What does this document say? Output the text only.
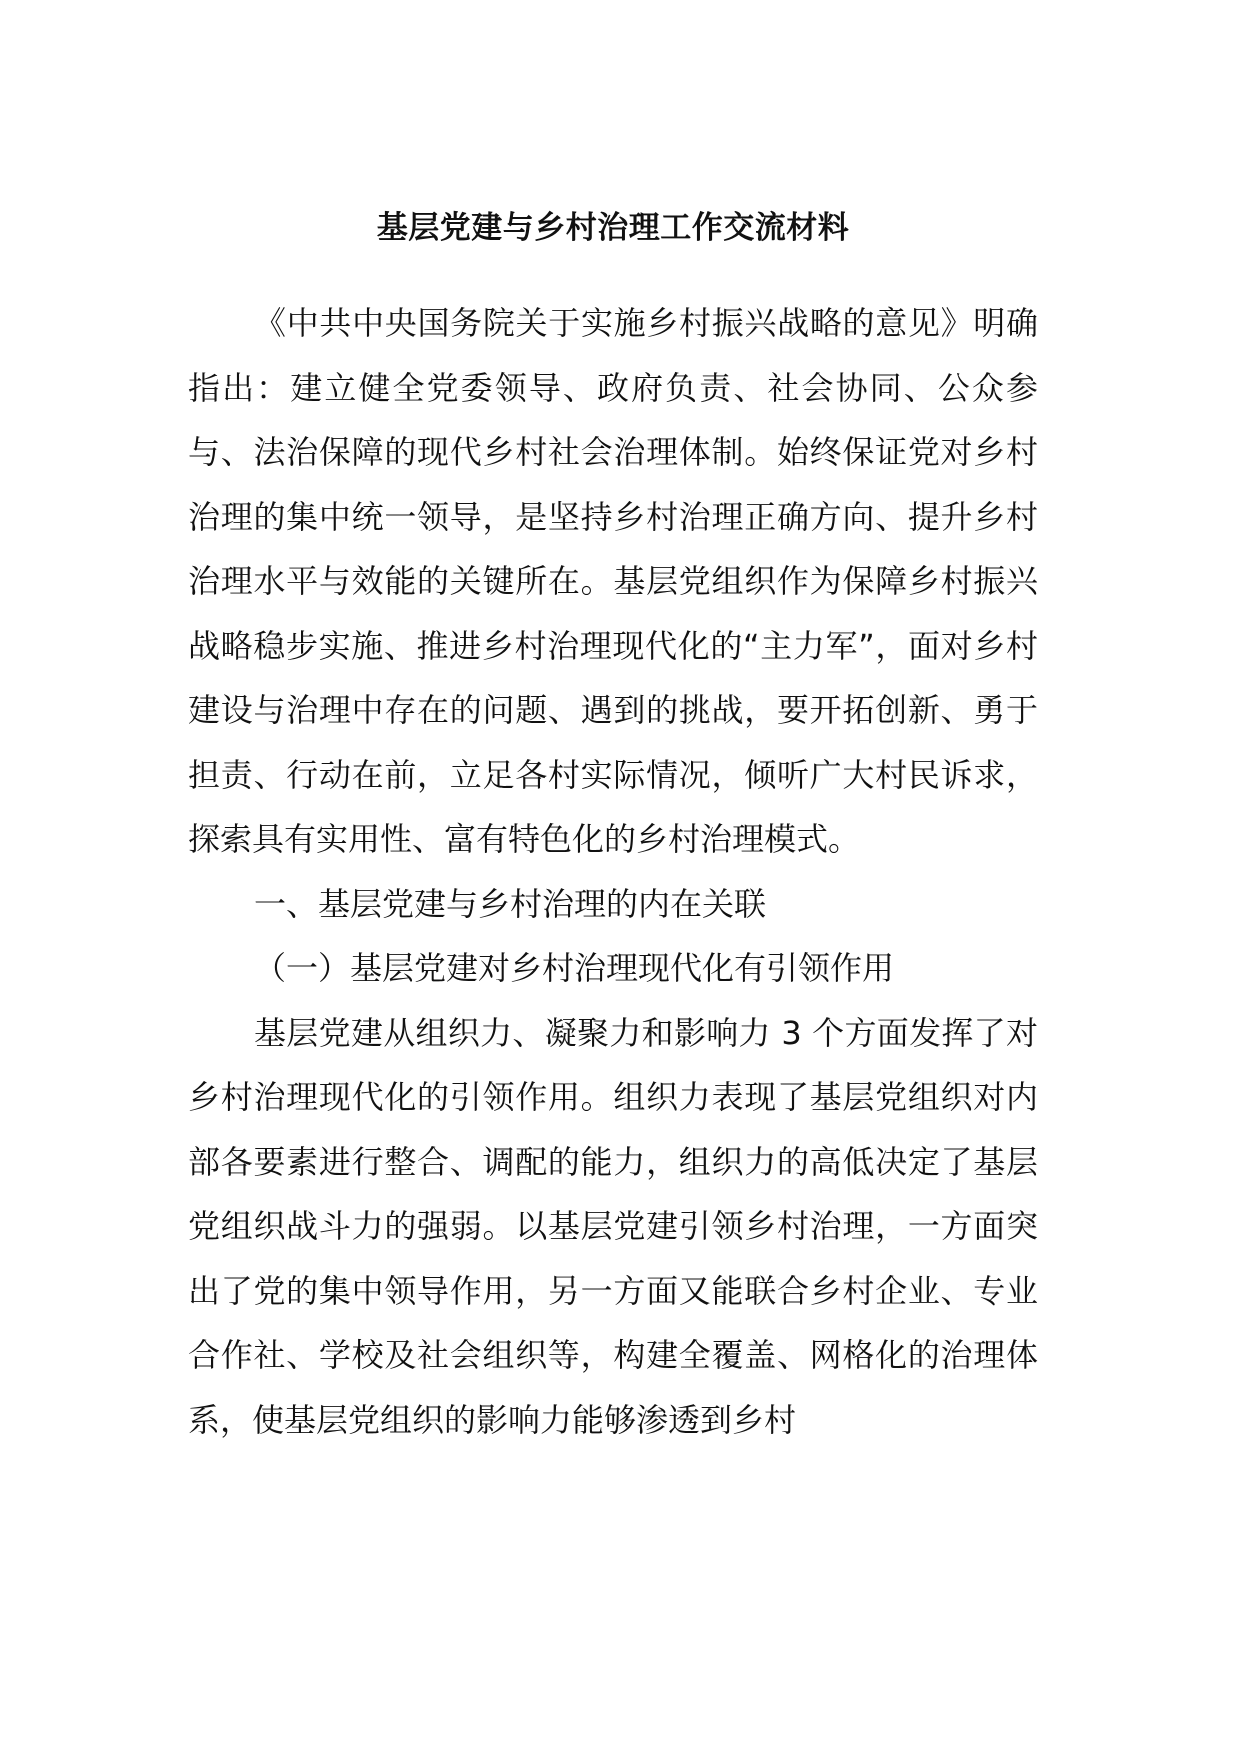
基层党建与乡村治理工作交流材料

《中共中央国务院关于实施乡村振兴战略的意见》明确指出：建立健全党委领导、政府负责、社会协同、公众参与、法治保障的现代乡村社会治理体制。始终保证党对乡村治理的集中统一领导，是坚持乡村治理正确方向、提升乡村治理水平与效能的关键所在。基层党组织作为保障乡村振兴战略稳步实施、推进乡村治理现代化的“主力军”，面对乡村建设与治理中存在的问题、遇到的挑战，要开拓创新、勇于担责、行动在前，立足各村实际情况，倾听广大村民诉求，探索具有实用性、富有特色化的乡村治理模式。

一、基层党建与乡村治理的内在关联

（一）基层党建对乡村治理现代化有引领作用

基层党建从组织力、凝聚力和影响力 3 个方面发挥了对乡村治理现代化的引领作用。组织力表现了基层党组织对内部各要素进行整合、调配的能力，组织力的高低决定了基层党组织战斗力的强弱。以基层党建引领乡村治理，一方面突出了党的集中领导作用，另一方面又能联合乡村企业、专业合作社、学校及社会组织等，构建全覆盖、网格化的治理体系，使基层党组织的影响力能够渗透到乡村
